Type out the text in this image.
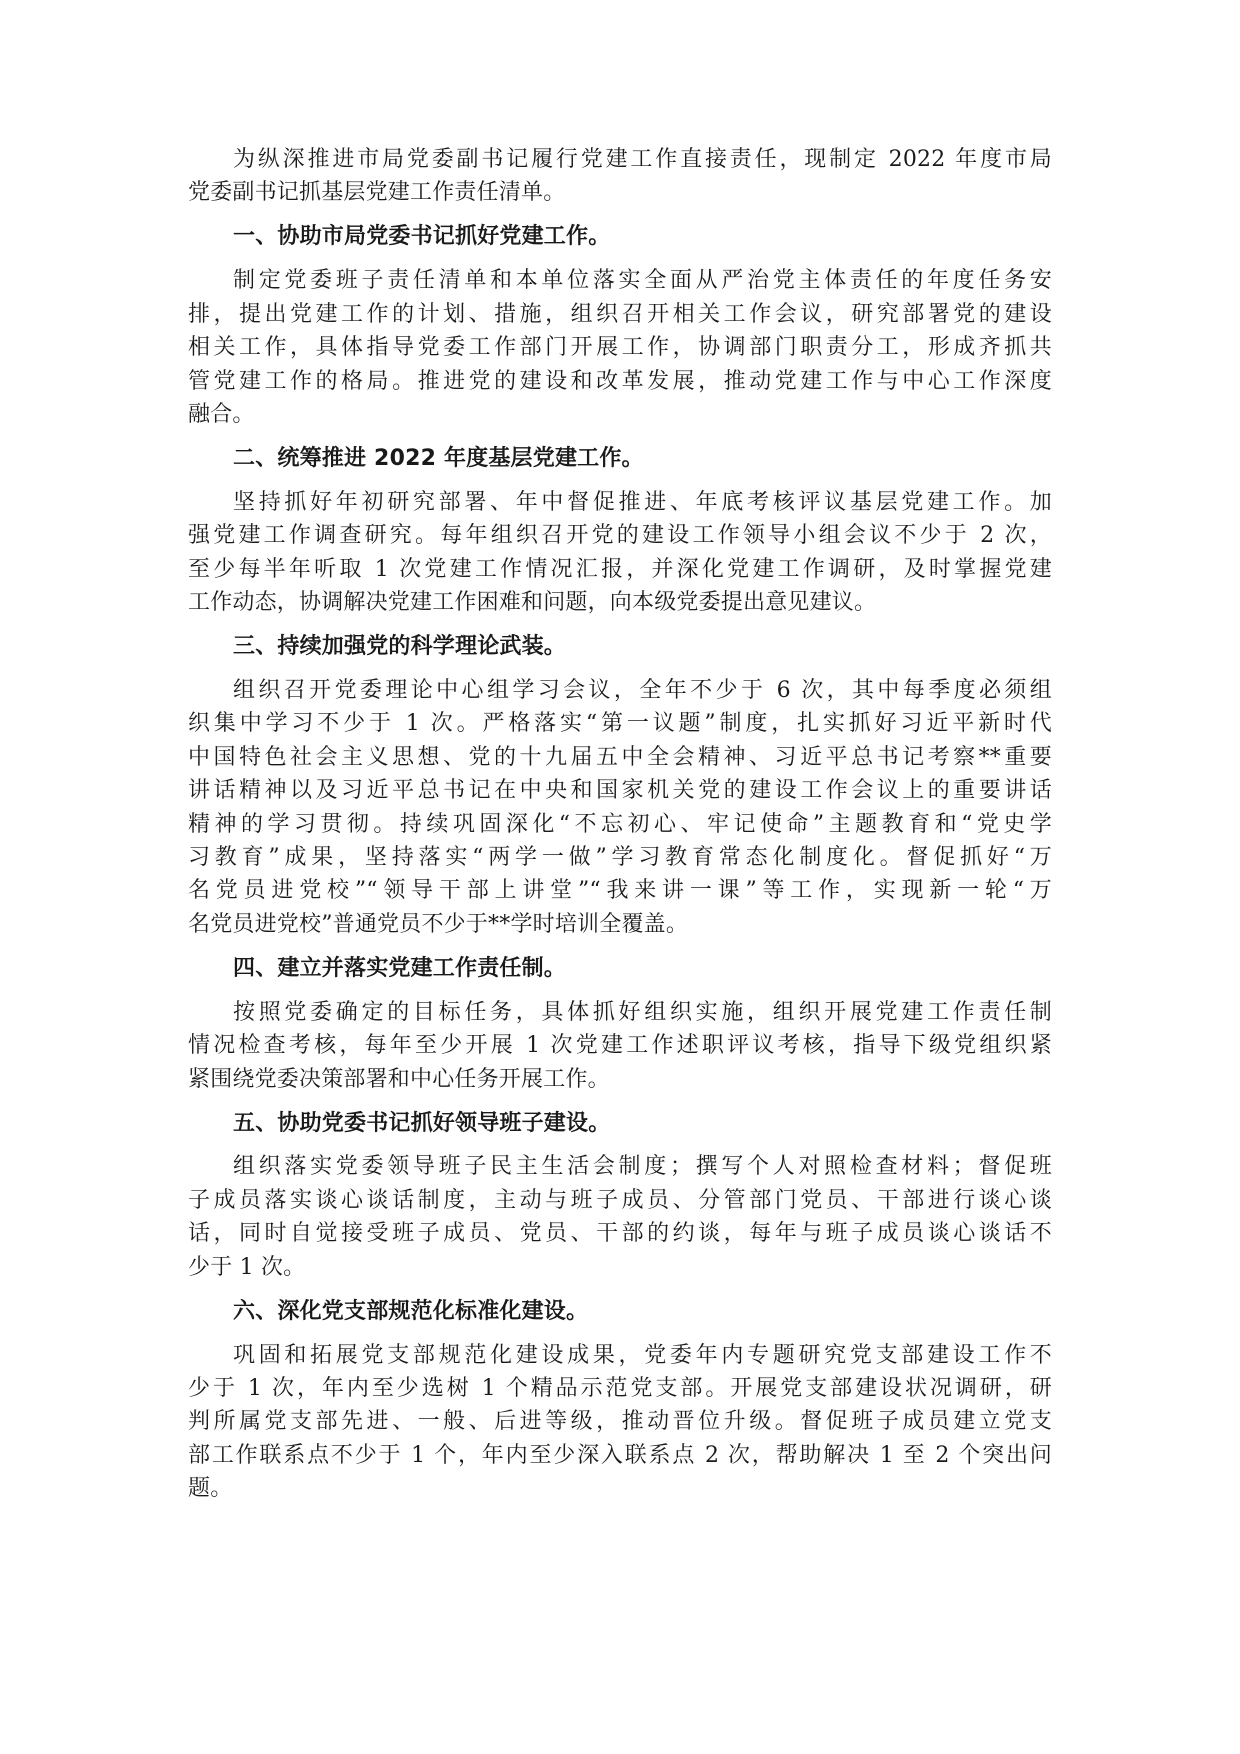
为纵深推进市局党委副书记履行党建工作直接责任，现制定 2022 年度市局
党委副书记抓基层党建工作责任清单。
一、协助市局党委书记抓好党建工作。
制定党委班子责任清单和本单位落实全面从严治党主体责任的年度任务安
排，提出党建工作的计划、措施，组织召开相关工作会议，研究部署党的建设
相关工作，具体指导党委工作部门开展工作，协调部门职责分工，形成齐抓共
管党建工作的格局。推进党的建设和改革发展，推动党建工作与中心工作深度
融合。
二、统筹推进 2022 年度基层党建工作。
坚持抓好年初研究部署、年中督促推进、年底考核评议基层党建工作。加
强党建工作调查研究。每年组织召开党的建设工作领导小组会议不少于 2 次，
至少每半年听取 1 次党建工作情况汇报，并深化党建工作调研，及时掌握党建
工作动态，协调解决党建工作困难和问题，向本级党委提出意见建议。
三、持续加强党的科学理论武装。
组织召开党委理论中心组学习会议，全年不少于 6 次，其中每季度必须组
织集中学习不少于 1 次。严格落实“第一议题”制度，扎实抓好习近平新时代
中国特色社会主义思想、党的十九届五中全会精神、习近平总书记考察**重要
讲话精神以及习近平总书记在中央和国家机关党的建设工作会议上的重要讲话
精神的学习贯彻。持续巩固深化“不忘初心、牢记使命”主题教育和“党史学
习教育”成果，坚持落实“两学一做”学习教育常态化制度化。督促抓好“万
名党员进党校”“领导干部上讲堂”“我来讲一课”等工作，实现新一轮“万
名党员进党校”普通党员不少于**学时培训全覆盖。
四、建立并落实党建工作责任制。
按照党委确定的目标任务，具体抓好组织实施，组织开展党建工作责任制
情况检查考核，每年至少开展 1 次党建工作述职评议考核，指导下级党组织紧
紧围绕党委决策部署和中心任务开展工作。
五、协助党委书记抓好领导班子建设。
组织落实党委领导班子民主生活会制度；撰写个人对照检查材料；督促班
子成员落实谈心谈话制度，主动与班子成员、分管部门党员、干部进行谈心谈
话，同时自觉接受班子成员、党员、干部的约谈，每年与班子成员谈心谈话不
少于 1 次。
六、深化党支部规范化标准化建设。
巩固和拓展党支部规范化建设成果，党委年内专题研究党支部建设工作不
少于 1 次，年内至少选树 1 个精品示范党支部。开展党支部建设状况调研，研
判所属党支部先进、一般、后进等级，推动晋位升级。督促班子成员建立党支
部工作联系点不少于 1 个，年内至少深入联系点 2 次，帮助解决 1 至 2 个突出问
题。
